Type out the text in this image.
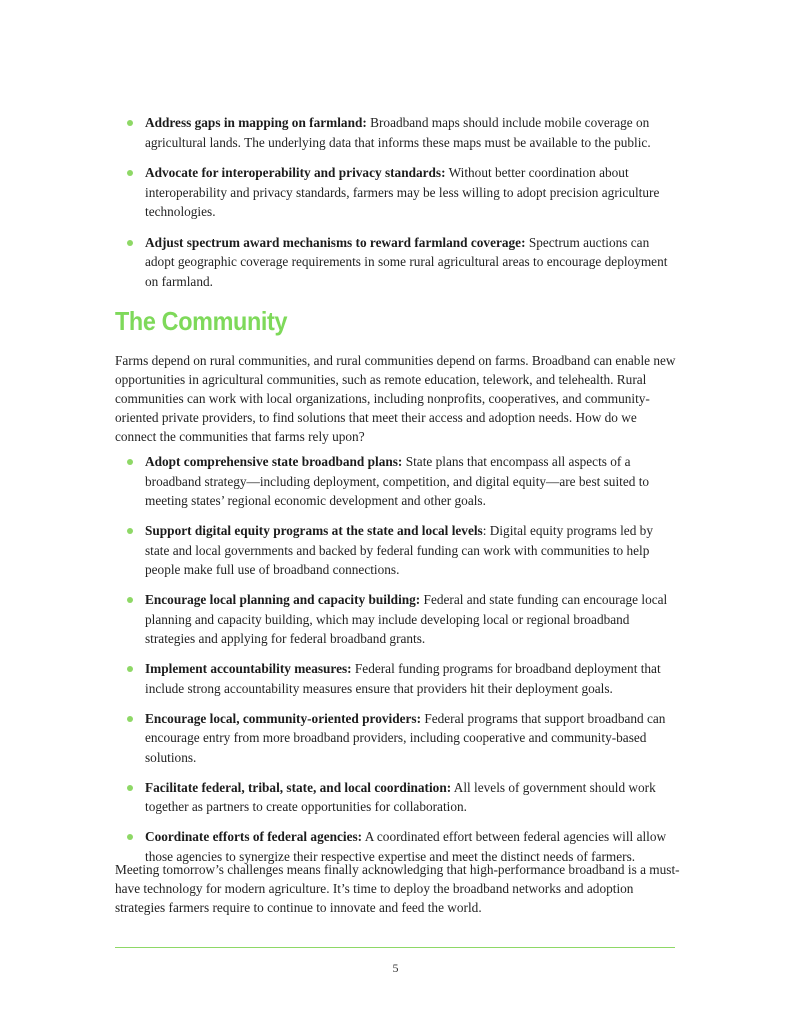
Address gaps in mapping on farmland: Broadband maps should include mobile coverage on agricultural lands. The underlying data that informs these maps must be available to the public.
Advocate for interoperability and privacy standards: Without better coordination about interoperability and privacy standards, farmers may be less willing to adopt precision agriculture technologies.
Adjust spectrum award mechanisms to reward farmland coverage: Spectrum auctions can adopt geographic coverage requirements in some rural agricultural areas to encourage deployment on farmland.
The Community

Farms depend on rural communities, and rural communities depend on farms. Broadband can enable new opportunities in agricultural communities, such as remote education, telework, and telehealth. Rural communities can work with local organizations, including nonprofits, cooperatives, and community-oriented private providers, to find solutions that meet their access and adoption needs. How do we connect the communities that farms rely upon?

Adopt comprehensive state broadband plans: State plans that encompass all aspects of a broadband strategy—including deployment, competition, and digital equity—are best suited to meeting states’ regional economic development and other goals.
Support digital equity programs at the state and local levels: Digital equity programs led by state and local governments and backed by federal funding can work with communities to help people make full use of broadband connections.
Encourage local planning and capacity building: Federal and state funding can encourage local planning and capacity building, which may include developing local or regional broadband strategies and applying for federal broadband grants.
Implement accountability measures: Federal funding programs for broadband deployment that include strong accountability measures ensure that providers hit their deployment goals.
Encourage local, community-oriented providers: Federal programs that support broadband can encourage entry from more broadband providers, including cooperative and community-based solutions.
Facilitate federal, tribal, state, and local coordination: All levels of government should work together as partners to create opportunities for collaboration.
Coordinate efforts of federal agencies: A coordinated effort between federal agencies will allow those agencies to synergize their respective expertise and meet the distinct needs of farmers.

Meeting tomorrow’s challenges means finally acknowledging that high-performance broadband is a must-have technology for modern agriculture. It’s time to deploy the broadband networks and adoption strategies farmers require to continue to innovate and feed the world.

5
